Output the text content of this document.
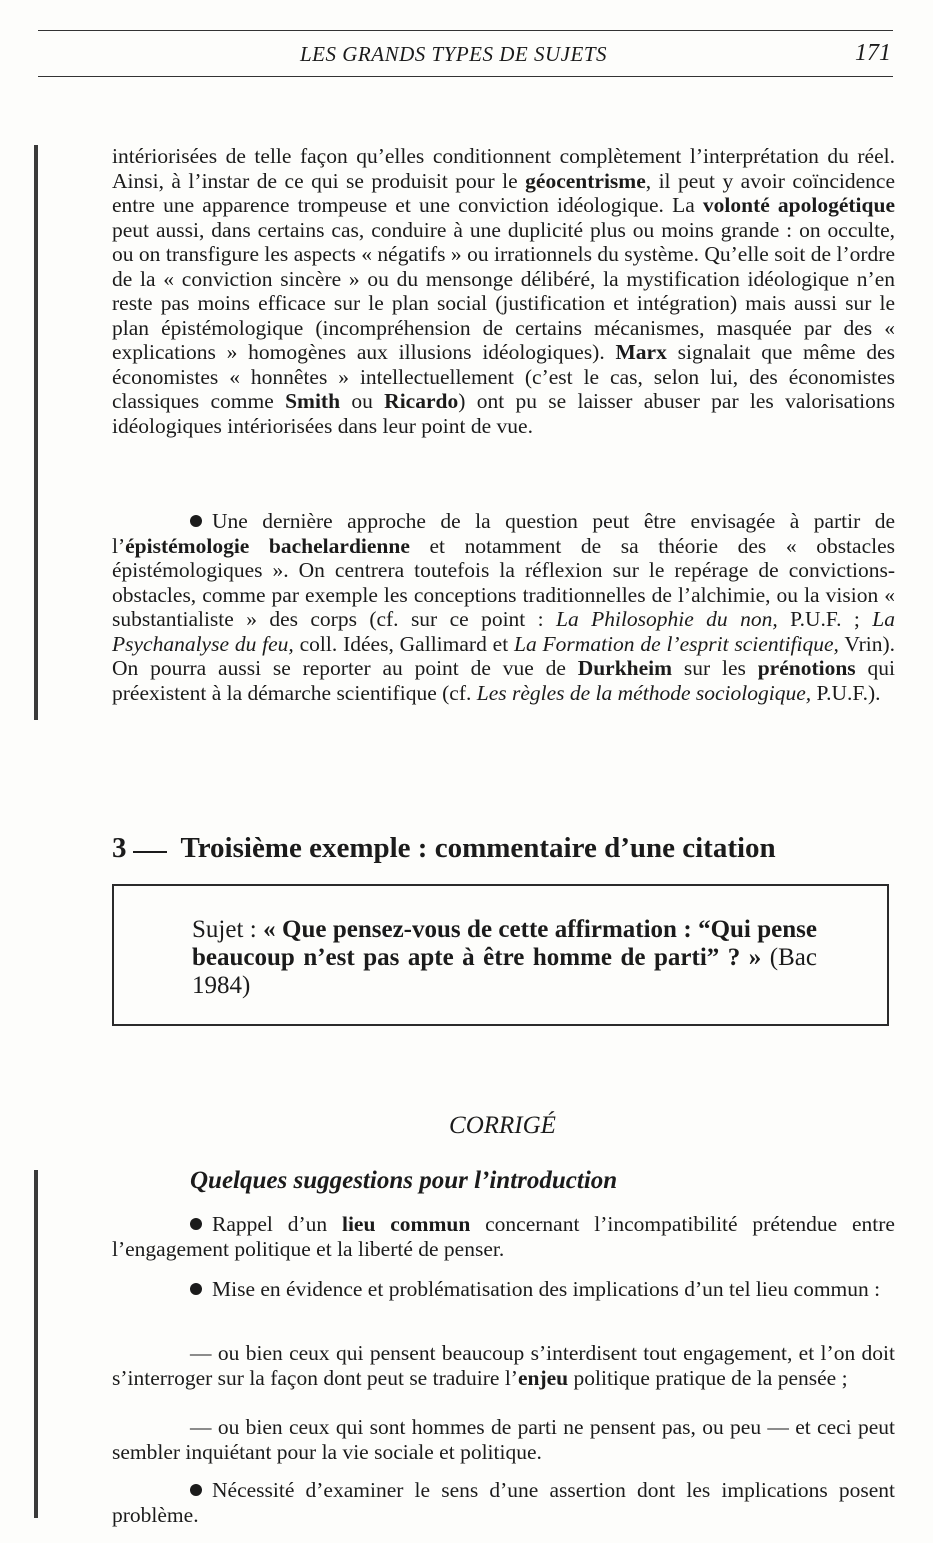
LES GRANDS TYPES DE SUJETS	171

intériorisées de telle façon qu’elles conditionnent complètement l’interprétation du réel. Ainsi, à l’instar de ce qui se produisit pour le géocentrisme, il peut y avoir coïncidence entre une apparence trompeuse et une conviction idéologique. La volonté apologétique peut aussi, dans certains cas, conduire à une duplicité plus ou moins grande : on occulte, ou on transfigure les aspects « négatifs » ou irrationnels du système. Qu’elle soit de l’ordre de la « conviction sincère » ou du mensonge délibéré, la mystification idéologique n’en reste pas moins efficace sur le plan social (justification et intégration) mais aussi sur le plan épistémologique (incompréhension de certains mécanismes, masquée par des « explications » homogènes aux illusions idéologiques). Marx signalait que même des économistes « honnêtes » intellectuellement (c’est le cas, selon lui, des économistes classiques comme Smith ou Ricardo) ont pu se laisser abuser par les valorisations idéologiques intériorisées dans leur point de vue.

Une dernière approche de la question peut être envisagée à partir de l’épistémologie bachelardienne et notamment de sa théorie des « obstacles épistémologiques ». On centrera toutefois la réflexion sur le repérage de convictions-obstacles, comme par exemple les conceptions traditionnelles de l’alchimie, ou la vision « substantialiste » des corps (cf. sur ce point : La Philosophie du non, P.U.F. ; La Psychanalyse du feu, coll. Idées, Gallimard et La Formation de l’esprit scientifique, Vrin). On pourra aussi se reporter au point de vue de Durkheim sur les prénotions qui préexistent à la démarche scientifique (cf. Les règles de la méthode sociologique, P.U.F.).

3 Troisième exemple : commentaire d’une citation
Sujet : « Que pensez-vous de cette affirmation : “Qui pense beaucoup n’est pas apte à être homme de parti” ? » (Bac 1984)
CORRIGÉ
Quelques suggestions pour l’introduction

Rappel d’un lieu commun concernant l’incompatibilité prétendue entre l’engagement politique et la liberté de penser.

Mise en évidence et problématisation des implications d’un tel lieu commun :

— ou bien ceux qui pensent beaucoup s’interdisent tout engagement, et l’on doit s’interroger sur la façon dont peut se traduire l’enjeu politique pratique de la pensée ;

— ou bien ceux qui sont hommes de parti ne pensent pas, ou peu — et ceci peut sembler inquiétant pour la vie sociale et politique.

Nécessité d’examiner le sens d’une assertion dont les implications posent problème.
